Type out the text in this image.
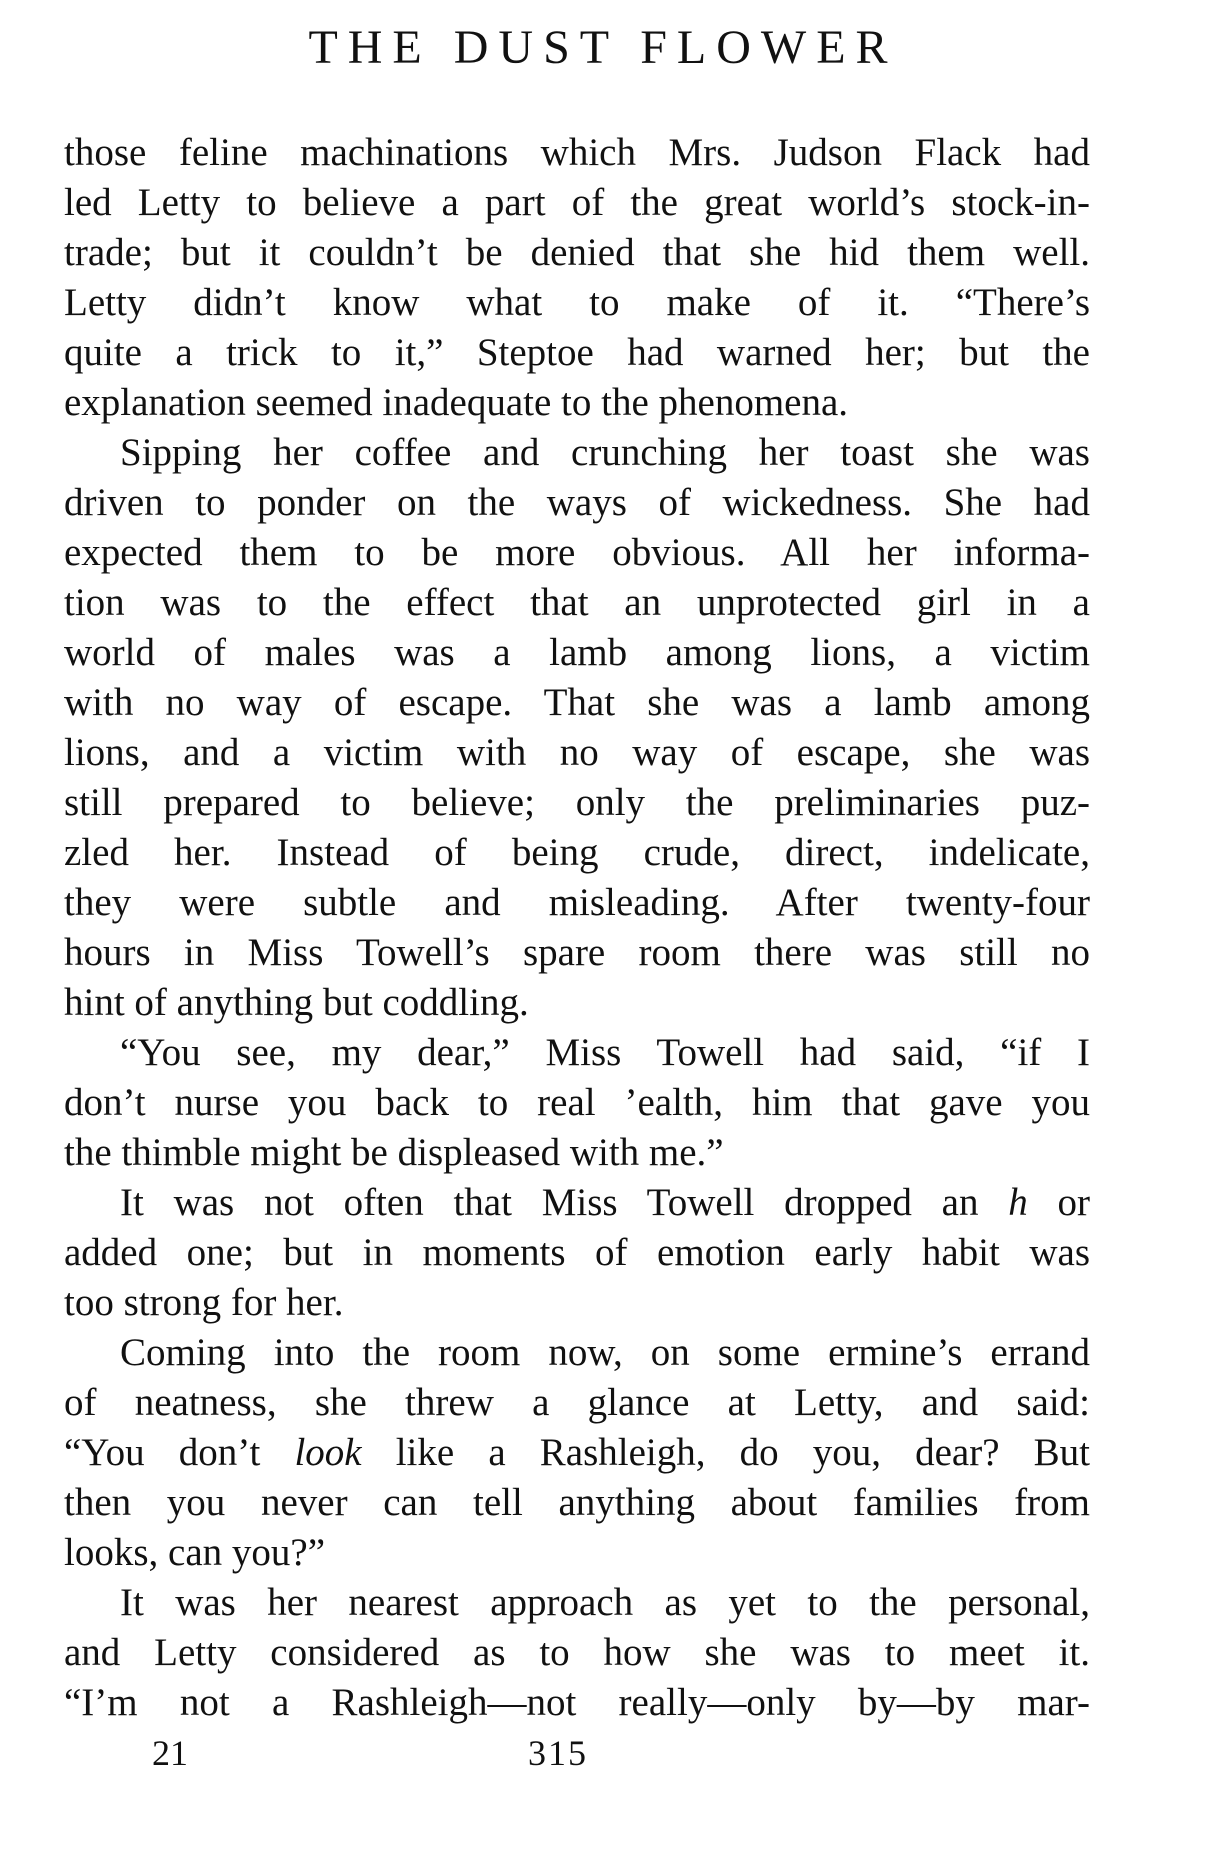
THE DUST FLOWER
those feline machinations which Mrs. Judson Flack had
led Letty to believe a part of the great world’s stock-in-
trade; but it couldn’t be denied that she hid them well.
Letty didn’t know what to make of it. “There’s
quite a trick to it,” Steptoe had warned her; but the
explanation seemed inadequate to the phenomena.
Sipping her coffee and crunching her toast she was
driven to ponder on the ways of wickedness. She had
expected them to be more obvious. All her informa-
tion was to the effect that an unprotected girl in a
world of males was a lamb among lions, a victim
with no way of escape. That she was a lamb among
lions, and a victim with no way of escape, she was
still prepared to believe; only the preliminaries puz-
zled her. Instead of being crude, direct, indelicate,
they were subtle and misleading. After twenty-four
hours in Miss Towell’s spare room there was still no
hint of anything but coddling.
“You see, my dear,” Miss Towell had said, “if I
don’t nurse you back to real ’ealth, him that gave you
the thimble might be displeased with me.”
It was not often that Miss Towell dropped an h or
added one; but in moments of emotion early habit was
too strong for her.
Coming into the room now, on some ermine’s errand
of neatness, she threw a glance at Letty, and said:
“You don’t look like a Rashleigh, do you, dear? But
then you never can tell anything about families from
looks, can you?”
It was her nearest approach as yet to the personal,
and Letty considered as to how she was to meet it.
“I’m not a Rashleigh—not really—only by—by mar-
21	315
